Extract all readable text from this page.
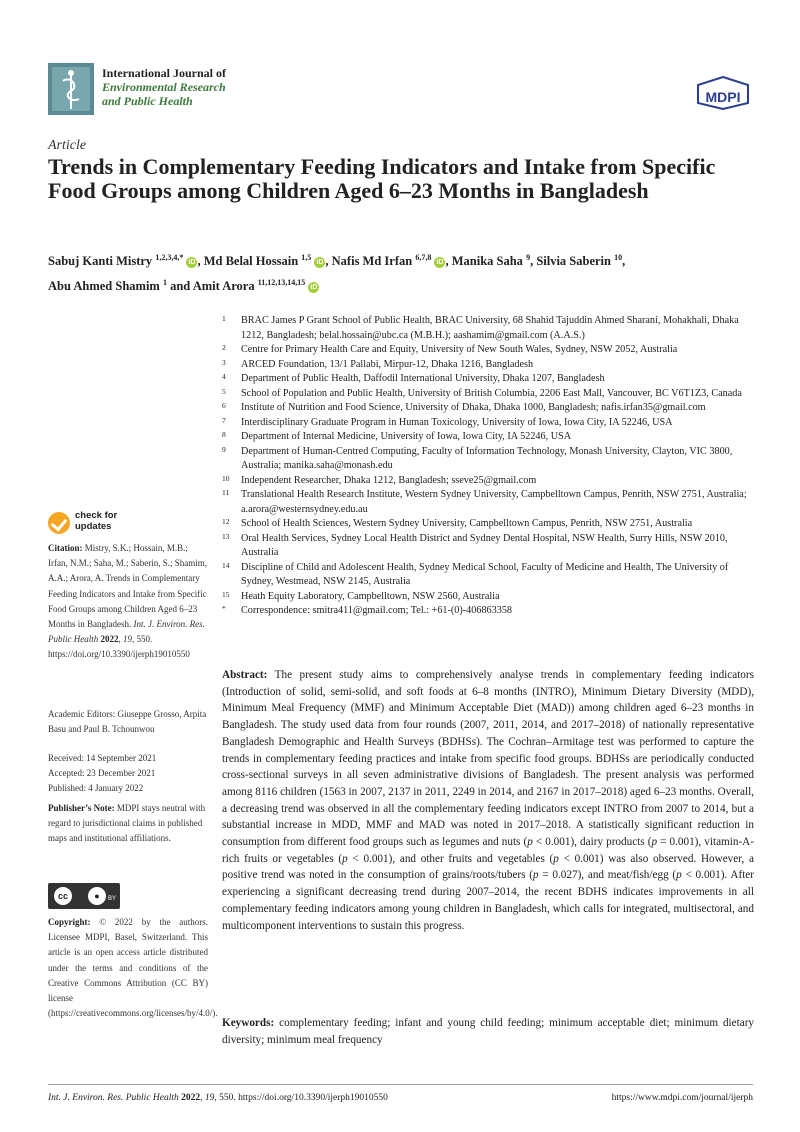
International Journal of
Environmental Research
and Public Health	MDPI
Article
Trends in Complementary Feeding Indicators and Intake from Specific Food Groups among Children Aged 6–23 Months in Bangladesh
Sabuj Kanti Mistry $^{1,2,3,4,*}$ iD , Md Belal Hossain $^{1,5}$ iD , Nafis Md Irfan $^{6,7,8}$ iD , Manika Saha $^9$, Silvia Saberin $^{10}$,
Abu Ahmed Shamim $^1$ and Amit Arora $^{11,12,13,14,15}$ iD
1 BRAC James P Grant School of Public Health, BRAC University, 68 Shahid Tajuddin Ahmed Sharani, Mohakhali, Dhaka 1212, Bangladesh; belal.hossain@ubc.ca (M.B.H.); aashamim@gmail.com (A.A.S.)
2 Centre for Primary Health Care and Equity, University of New South Wales, Sydney, NSW 2052, Australia
3 ARCED Foundation, 13/1 Pallabi, Mirpur-12, Dhaka 1216, Bangladesh
4 Department of Public Health, Daffodil International University, Dhaka 1207, Bangladesh
5 School of Population and Public Health, University of British Columbia, 2206 East Mall, Vancouver, BC V6T1Z3, Canada
6 Institute of Nutrition and Food Science, University of Dhaka, Dhaka 1000, Bangladesh; nafis.irfan35@gmail.com
7 Interdisciplinary Graduate Program in Human Toxicology, University of Iowa, Iowa City, IA 52246, USA
8 Department of Internal Medicine, University of Iowa, Iowa City, IA 52246, USA
9 Department of Human-Centred Computing, Faculty of Information Technology, Monash University, Clayton, VIC 3800, Australia; manika.saha@monash.edu
10 Independent Researcher, Dhaka 1212, Bangladesh; sseve25@gmail.com
11 Translational Health Research Institute, Western Sydney University, Campbelltown Campus, Penrith, NSW 2751, Australia; a.arora@westernsydney.edu.au
12 School of Health Sciences, Western Sydney University, Campbelltown Campus, Penrith, NSW 2751, Australia
13 Oral Health Services, Sydney Local Health District and Sydney Dental Hospital, NSW Health, Surry Hills, NSW 2010, Australia
14 Discipline of Child and Adolescent Health, Sydney Medical School, Faculty of Medicine and Health, The University of Sydney, Westmead, NSW 2145, Australia
15 Heath Equity Laboratory, Campbelltown, NSW 2560, Australia
* Correspondence: smitra411@gmail.com; Tel.: +61-(0)-406863358
check for
updates
Citation: Mistry, S.K.; Hossain, M.B.; Irfan, N.M.; Saha, M.; Saberin, S.; Shamim, A.A.; Arora, A. Trends in Complementary Feeding Indicators and Intake from Specific Food Groups among Children Aged 6–23 Months in Bangladesh. Int. J. Environ. Res. Public Health 2022, 19, 550. https://doi.org/10.3390/ijerph19010550
Academic Editors: Giuseppe Grosso, Arpita Basu and Paul B. Tchounwou
Received: 14 September 2021
Accepted: 23 December 2021
Published: 4 January 2022
Publisher’s Note: MDPI stays neutral with regard to jurisdictional claims in published maps and institutional affiliations.
cc	●	BY
Copyright: © 2022 by the authors. Licensee MDPI, Basel, Switzerland. This article is an open access article distributed under the terms and conditions of the Creative Commons Attribution (CC BY) license (https://creativecommons.org/licenses/by/4.0/).

Abstract: The present study aims to comprehensively analyse trends in complementary feeding indicators (Introduction of solid, semi-solid, and soft foods at 6–8 months (INTRO), Minimum Dietary Diversity (MDD), Minimum Meal Frequency (MMF) and Minimum Acceptable Diet (MAD)) among children aged 6–23 months in Bangladesh. The study used data from four rounds (2007, 2011, 2014, and 2017–2018) of nationally representative Bangladesh Demographic and Health Surveys (BDHSs). The Cochran–Armitage test was performed to capture the trends in complementary feeding practices and intake from specific food groups. BDHSs are periodically conducted cross-sectional surveys in all seven administrative divisions of Bangladesh. The present analysis was performed among 8116 children (1563 in 2007, 2137 in 2011, 2249 in 2014, and 2167 in 2017–2018) aged 6–23 months. Overall, a decreasing trend was observed in all the complementary feeding indicators except INTRO from 2007 to 2014, but a substantial increase in MDD, MMF and MAD was noted in 2017–2018. A statistically significant reduction in consumption from different food groups such as legumes and nuts (p < 0.001), dairy products (p = 0.001), vitamin-A-rich fruits or vegetables (p < 0.001), and other fruits and vegetables (p < 0.001) was also observed. However, a positive trend was noted in the consumption of grains/roots/tubers (p = 0.027), and meat/fish/egg (p < 0.001). After experiencing a significant decreasing trend during 2007–2014, the recent BDHS indicates improvements in all complementary feeding indicators among young children in Bangladesh, which calls for integrated, multisectoral, and multicomponent interventions to sustain this progress.

Keywords: complementary feeding; infant and young child feeding; minimum acceptable diet; minimum dietary diversity; minimum meal frequency

Int. J. Environ. Res. Public Health 2022, 19, 550. https://doi.org/10.3390/ijerph19010550	https://www.mdpi.com/journal/ijerph
